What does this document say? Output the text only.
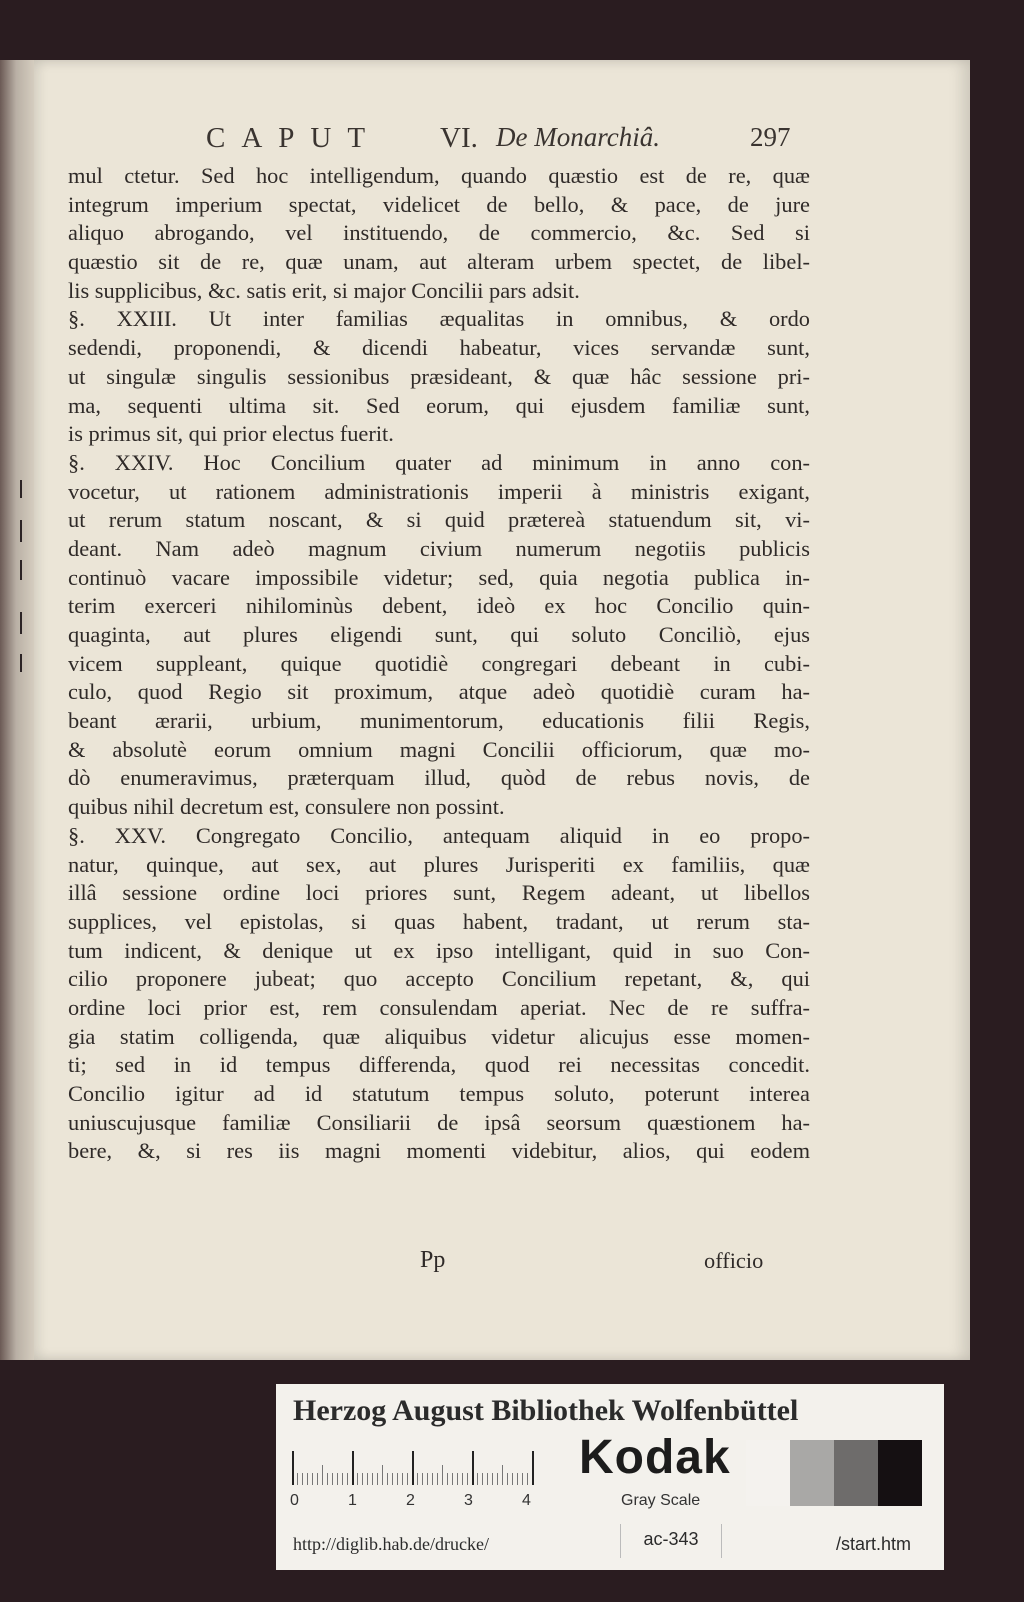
CAPUT VI. De Monarchiâ.	297
mul ctetur. Sed hoc intelligendum, quando quæstio est de re, quæ
integrum imperium spectat, videlicet de bello, & pace, de jure
aliquo abrogando, vel instituendo, de commercio, &c. Sed si
quæstio sit de re, quæ unam, aut alteram urbem spectet, de libel-
lis supplicibus, &c. satis erit, si major Concilii pars adsit.
§. XXIII. Ut inter familias æqualitas in omnibus, & ordo
sedendi, proponendi, & dicendi habeatur, vices servandæ sunt,
ut singulæ singulis sessionibus præsideant, & quæ hâc sessione pri-
ma, sequenti ultima sit. Sed eorum, qui ejusdem familiæ sunt,
is primus sit, qui prior electus fuerit.
§. XXIV. Hoc Concilium quater ad minimum in anno con-
vocetur, ut rationem administrationis imperii à ministris exigant,
ut rerum statum noscant, & si quid prætereà statuendum sit, vi-
deant. Nam adeò magnum civium numerum negotiis publicis
continuò vacare impossibile videtur; sed, quia negotia publica in-
terim exerceri nihilominùs debent, ideò ex hoc Concilio quin-
quaginta, aut plures eligendi sunt, qui soluto Conciliò, ejus
vicem suppleant, quique quotidiè congregari debeant in cubi-
culo, quod Regio sit proximum, atque adeò quotidiè curam ha-
beant ærarii, urbium, munimentorum, educationis filii Regis,
& absolutè eorum omnium magni Concilii officiorum, quæ mo-
dò enumeravimus, præterquam illud, quòd de rebus novis, de
quibus nihil decretum est, consulere non possint.
§. XXV. Congregato Concilio, antequam aliquid in eo propo-
natur, quinque, aut sex, aut plures Jurisperiti ex familiis, quæ
illâ sessione ordine loci priores sunt, Regem adeant, ut libellos
supplices, vel epistolas, si quas habent, tradant, ut rerum sta-
tum indicent, & denique ut ex ipso intelligant, quid in suo Con-
cilio proponere jubeat; quo accepto Concilium repetant, &, qui
ordine loci prior est, rem consulendam aperiat. Nec de re suffra-
gia statim colligenda, quæ aliquibus videtur alicujus esse momen-
ti; sed in id tempus differenda, quod rei necessitas concedit.
Concilio igitur ad id statutum tempus soluto, poterunt interea
uniuscujusque familiæ Consiliarii de ipsâ seorsum quæstionem ha-
bere, &, si res iis magni momenti videbitur, alios, qui eodem
Pp	officio
Herzog August Bibliothek Wolfenbüttel
0	1	2	3	4
Kodak
Gray Scale
http://diglib.hab.de/drucke/	ac-343	/start.htm
